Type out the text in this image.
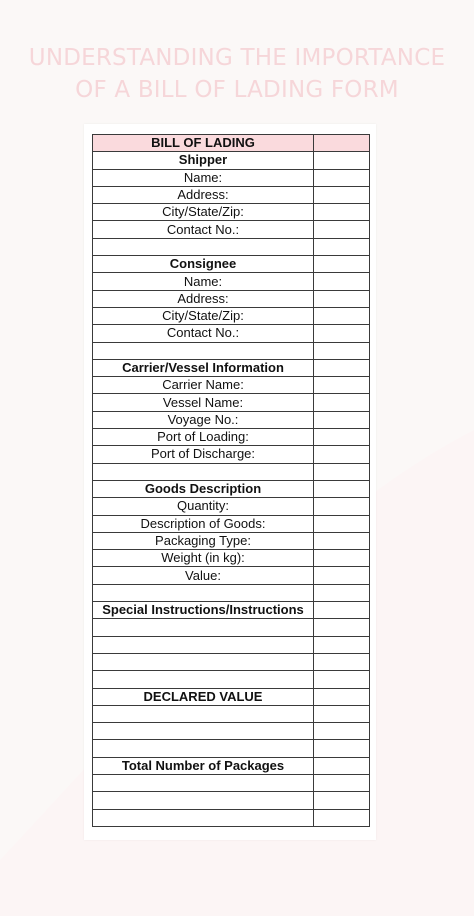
UNDERSTANDING THE IMPORTANCE
OF A BILL OF LADING FORM
BILL OF LADING	
Shipper	
Name:	
Address:	
City/State/Zip:	
Contact No.:	

Consignee	
Name:	
Address:	
City/State/Zip:	
Contact No.:	

Carrier/Vessel Information	
Carrier Name:	
Vessel Name:	
Voyage No.:	
Port of Loading:	
Port of Discharge:	

Goods Description	
Quantity:	
Description of Goods:	
Packaging Type:	
Weight (in kg):	
Value:	

Special Instructions/Instructions	

DECLARED VALUE	

Total Number of Packages	
